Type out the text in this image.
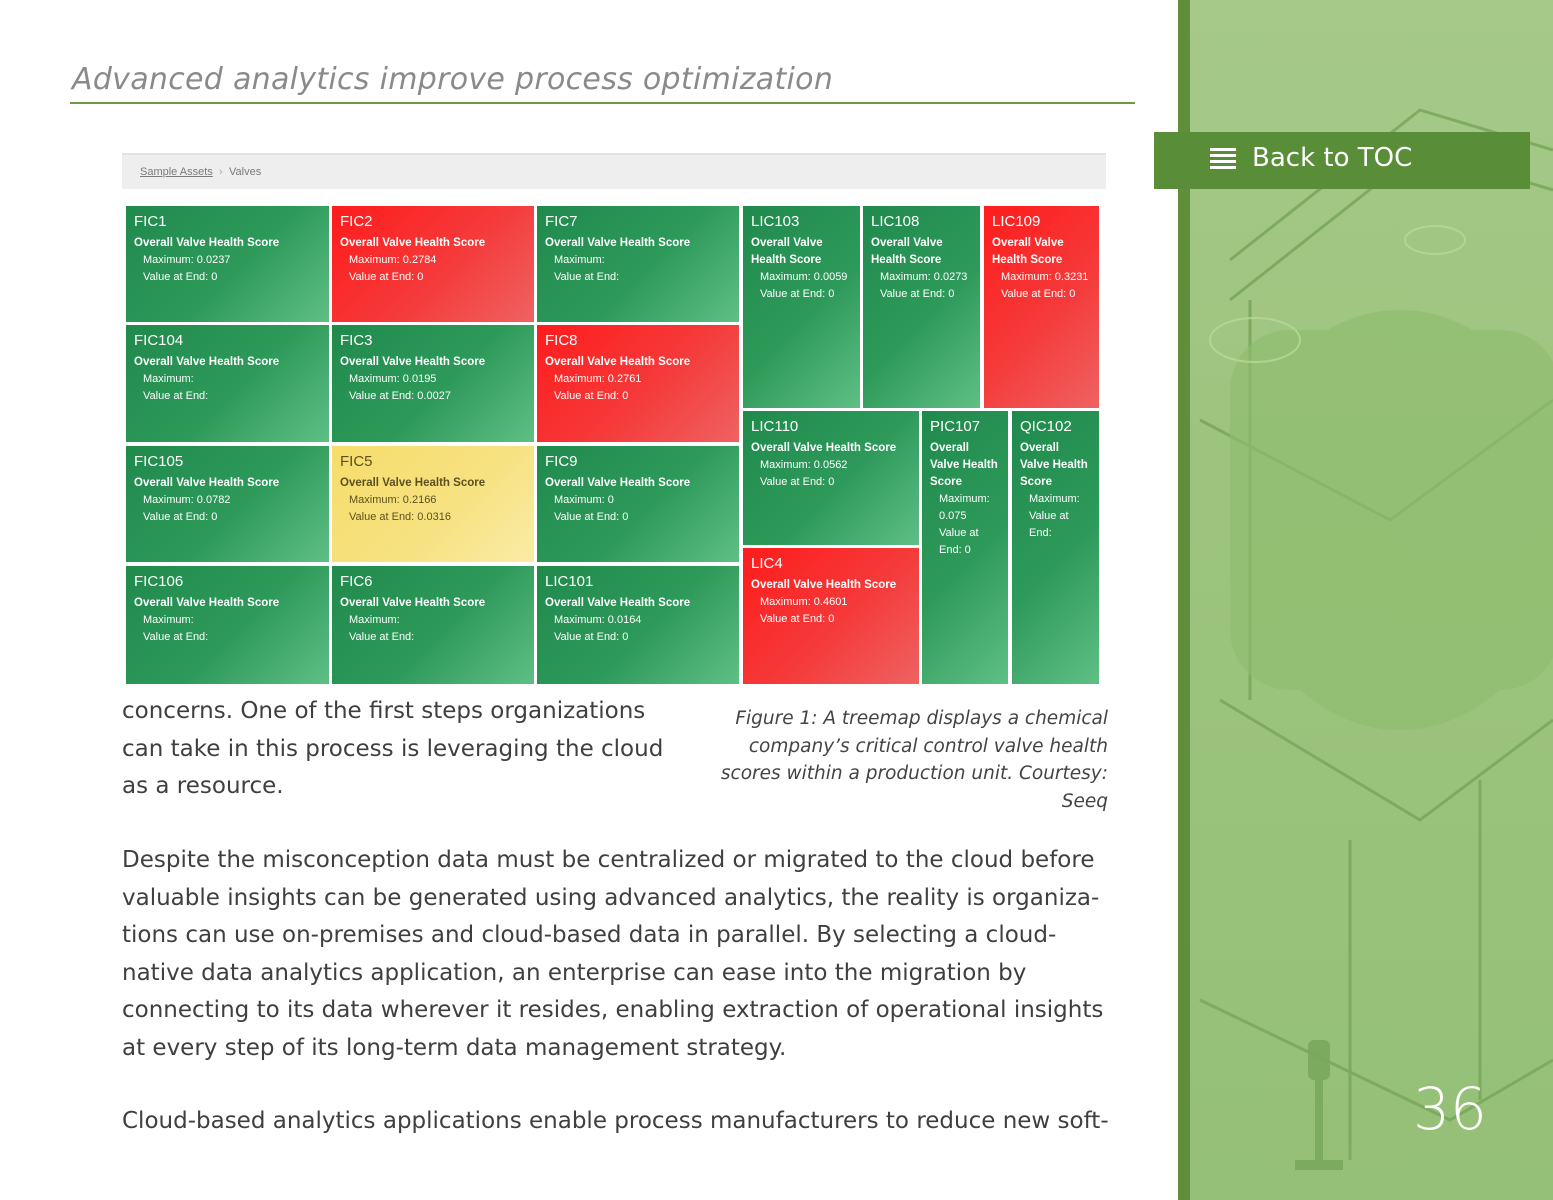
Advanced analytics improve process optimization
Sample Assets › Valves
FIC1
Overall Valve Health Score
Maximum: 0.0237
Value at End: 0
FIC2
Overall Valve Health Score
Maximum: 0.2784
Value at End: 0
FIC7
Overall Valve Health Score
Maximum:
Value at End:
LIC103
Overall Valve Health Score
Maximum: 0.0059
Value at End: 0
LIC108
Overall Valve Health Score
Maximum: 0.0273
Value at End: 0
LIC109
Overall Valve Health Score
Maximum: 0.3231
Value at End: 0
FIC104
Overall Valve Health Score
Maximum:
Value at End:
FIC3
Overall Valve Health Score
Maximum: 0.0195
Value at End: 0.0027
FIC8
Overall Valve Health Score
Maximum: 0.2761
Value at End: 0
LIC110
Overall Valve Health Score
Maximum: 0.0562
Value at End: 0
PIC107
Overall Valve Health Score
Maximum: 0.075
Value at End: 0
QIC102
Overall Valve Health Score
Maximum:
Value at End:
FIC105
Overall Valve Health Score
Maximum: 0.0782
Value at End: 0
FIC5
Overall Valve Health Score
Maximum: 0.2166
Value at End: 0.0316
FIC9
Overall Valve Health Score
Maximum: 0
Value at End: 0
LIC4
Overall Valve Health Score
Maximum: 0.4601
Value at End: 0
FIC106
Overall Valve Health Score
Maximum:
Value at End:
FIC6
Overall Valve Health Score
Maximum:
Value at End:
LIC101
Overall Valve Health Score
Maximum: 0.0164
Value at End: 0
concerns. One of the first steps organizations can take in this process is leveraging the cloud as a resource.
Figure 1: A treemap displays a chemical company’s critical control valve health scores within a production unit. Courtesy: Seeq
Despite the misconception data must be centralized or migrated to the cloud before valuable insights can be generated using advanced analytics, the reality is organiza- tions can use on-premises and cloud-based data in parallel. By selecting a cloud-native data analytics application, an enterprise can ease into the migration by connecting to its data wherever it resides, enabling extraction of operational insights at every step of its long-term data management strategy.
Cloud-based analytics applications enable process manufacturers to reduce new soft-
Back to TOC
36
